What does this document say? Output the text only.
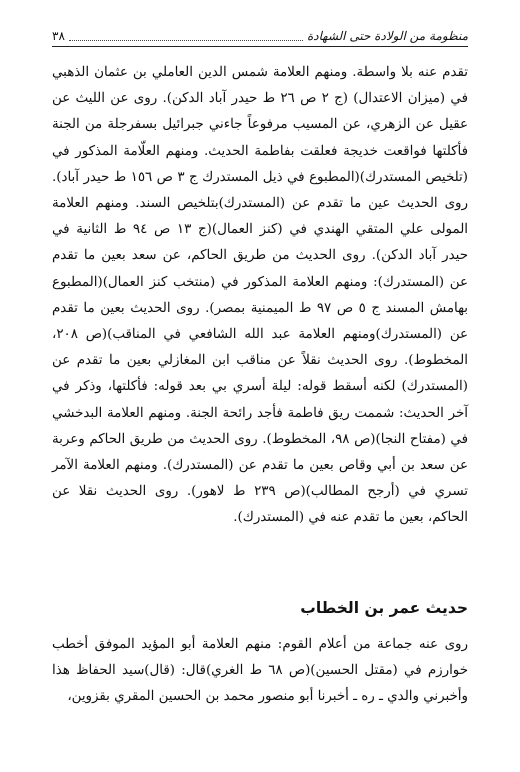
منظومة من الولادة حتى الشهادة
٣٨

تقدم عنه بلا واسطة. ومنهم العلامة شمس الدين العاملي بن عثمان الذهبي في (ميزان الاعتدال) (ج ٢ ص ٢٦ ط حيدر آباد الدكن). روى عن الليث عن عقيل عن الزهري، عن المسيب مرفوعاً جاءني جبرائيل بسفرجلة من الجنة فأكلتها فواقعت خديجة فعلقت بفاطمة الحديث. ومنهم العلّامة المذكور في (تلخيص المستدرك)(المطبوع في ذيل المستدرك ج ٣ ص ١٥٦ ط حيدر آباد). روى الحديث عين ما تقدم عن (المستدرك)بتلخيص السند. ومنهم العلامة المولى علي المتقي الهندي في (كنز العمال)(ج ١٣ ص ٩٤ ط الثانية في حيدر آباد الدكن). روى الحديث من طريق الحاكم، عن سعد بعين ما تقدم عن (المستدرك): ومنهم العلامة المذكور في (منتخب كنز العمال)(المطبوع بهامش المسند ج ٥ ص ٩٧ ط الميمنية بمصر). روى الحديث بعين ما تقدم عن (المستدرك)ومنهم العلامة عبد الله الشافعي في المناقب)(ص ٢٠٨، المخطوط). روى الحديث نقلاً عن مناقب ابن المغازلي بعين ما تقدم عن (المستدرك) لكنه أسقط قوله: ليلة أسري بي بعد قوله: فأكلتها، وذكر في آخر الحديث: شممت ريق فاطمة فأجد رائحة الجنة. ومنهم العلامة البدخشي في (مفتاح النجا)(ص ٩٨، المخطوط). روى الحديث من طريق الحاكم وعربة عن سعد بن أبي وقاص بعين ما تقدم عن (المستدرك). ومنهم العلامة الآمر تسري في (أرجح المطالب)(ص ٢٣٩ ط لاهور). روى الحديث نقلا عن الحاكم، بعين ما تقدم عنه في (المستدرك).

حديث عمر بن الخطاب

روى عنه جماعة من أعلام القوم: منهم العلامة أبو المؤيد الموفق أخطب خوارزم في (مقتل الحسين)(ص ٦٨ ط الغري)قال: (قال)سيد الحفاظ هذا وأخبرني والدي ـ ره ـ أخبرنا أبو منصور محمد بن الحسين المقري بقزوين،
